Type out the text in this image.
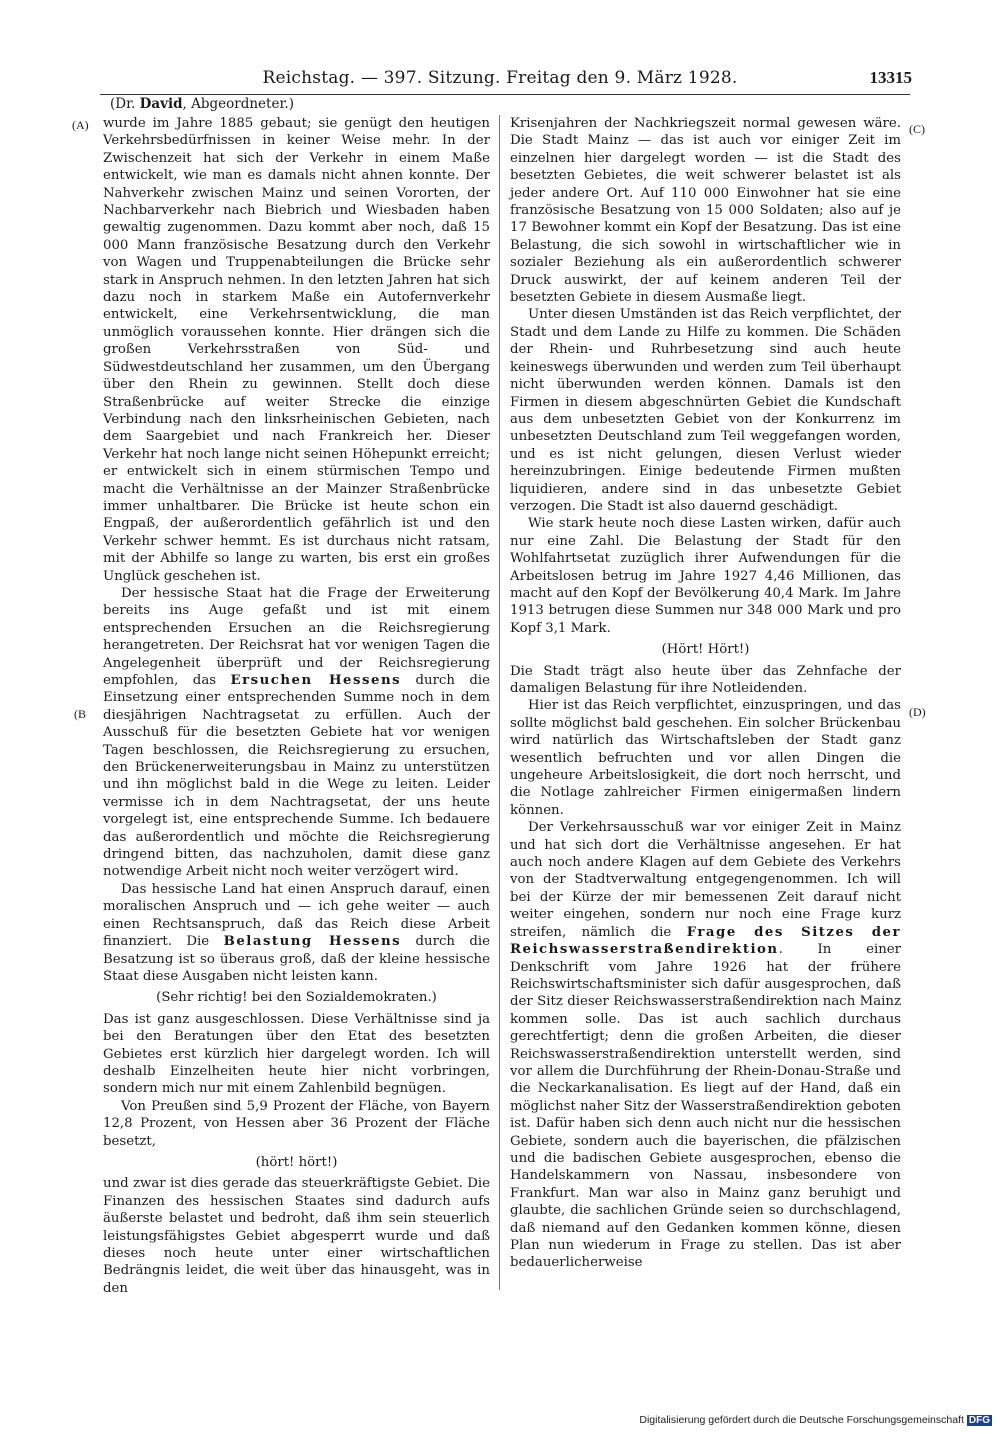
Reichstag. — 397. Sitzung. Freitag den 9. März 1928.	13315
(Dr. David, Abgeordneter.)
(A)
(B
(C)
(D)

wurde im Jahre 1885 gebaut; sie genügt den heutigen Verkehrsbedürfnissen in keiner Weise mehr. In der Zwischenzeit hat sich der Verkehr in einem Maße entwickelt, wie man es damals nicht ahnen konnte. Der Nahverkehr zwischen Mainz und seinen Vororten, der Nachbarverkehr nach Biebrich und Wiesbaden haben gewaltig zugenommen. Dazu kommt aber noch, daß 15 000 Mann französische Besatzung durch den Verkehr von Wagen und Truppenabteilungen die Brücke sehr stark in Anspruch nehmen. In den letzten Jahren hat sich dazu noch in starkem Maße ein Autofernverkehr entwickelt, eine Verkehrsentwicklung, die man unmöglich voraussehen konnte. Hier drängen sich die großen Verkehrsstraßen von Süd- und Südwestdeutschland her zusammen, um den Übergang über den Rhein zu gewinnen. Stellt doch diese Straßenbrücke auf weiter Strecke die einzige Verbindung nach den linksrheinischen Gebieten, nach dem Saargebiet und nach Frankreich her. Dieser Verkehr hat noch lange nicht seinen Höhepunkt erreicht; er entwickelt sich in einem stürmischen Tempo und macht die Verhältnisse an der Mainzer Straßenbrücke immer unhaltbarer. Die Brücke ist heute schon ein Engpaß, der außerordentlich gefährlich ist und den Verkehr schwer hemmt. Es ist durchaus nicht ratsam, mit der Abhilfe so lange zu warten, bis erst ein großes Unglück geschehen ist.

Der hessische Staat hat die Frage der Erweiterung bereits ins Auge gefaßt und ist mit einem entsprechenden Ersuchen an die Reichsregierung herangetreten. Der Reichsrat hat vor wenigen Tagen die Angelegenheit überprüft und der Reichsregierung empfohlen, das Ersuchen Hessens durch die Einsetzung einer entsprechenden Summe noch in dem diesjährigen Nachtragsetat zu erfüllen. Auch der Ausschuß für die besetzten Gebiete hat vor wenigen Tagen beschlossen, die Reichsregierung zu ersuchen, den Brückenerweiterungsbau in Mainz zu unterstützen und ihn möglichst bald in die Wege zu leiten. Leider vermisse ich in dem Nachtragsetat, der uns heute vorgelegt ist, eine entsprechende Summe. Ich bedauere das außerordentlich und möchte die Reichsregierung dringend bitten, das nachzuholen, damit diese ganz notwendige Arbeit nicht noch weiter verzögert wird.

Das hessische Land hat einen Anspruch darauf, einen moralischen Anspruch und — ich gehe weiter — auch einen Rechtsanspruch, daß das Reich diese Arbeit finanziert. Die Belastung Hessens durch die Besatzung ist so überaus groß, daß der kleine hessische Staat diese Ausgaben nicht leisten kann.

(Sehr richtig! bei den Sozialdemokraten.)

Das ist ganz ausgeschlossen. Diese Verhältnisse sind ja bei den Beratungen über den Etat des besetzten Gebietes erst kürzlich hier dargelegt worden. Ich will deshalb Einzelheiten heute hier nicht vorbringen, sondern mich nur mit einem Zahlenbild begnügen.

Von Preußen sind 5,9 Prozent der Fläche, von Bayern 12,8 Prozent, von Hessen aber 36 Prozent der Fläche besetzt,

(hört! hört!)

und zwar ist dies gerade das steuerkräftigste Gebiet. Die Finanzen des hessischen Staates sind dadurch aufs äußerste belastet und bedroht, daß ihm sein steuerlich leistungsfähigstes Gebiet abgesperrt wurde und daß dieses noch heute unter einer wirtschaftlichen Bedrängnis leidet, die weit über das hinausgeht, was in den

Krisenjahren der Nachkriegszeit normal gewesen wäre. Die Stadt Mainz — das ist auch vor einiger Zeit im einzelnen hier dargelegt worden — ist die Stadt des besetzten Gebietes, die weit schwerer belastet ist als jeder andere Ort. Auf 110 000 Einwohner hat sie eine französische Besatzung von 15 000 Soldaten; also auf je 17 Bewohner kommt ein Kopf der Besatzung. Das ist eine Belastung, die sich sowohl in wirtschaftlicher wie in sozialer Beziehung als ein außerordentlich schwerer Druck auswirkt, der auf keinem anderen Teil der besetzten Gebiete in diesem Ausmaße liegt.

Unter diesen Umständen ist das Reich verpflichtet, der Stadt und dem Lande zu Hilfe zu kommen. Die Schäden der Rhein- und Ruhrbesetzung sind auch heute keineswegs überwunden und werden zum Teil überhaupt nicht überwunden werden können. Damals ist den Firmen in diesem abgeschnürten Gebiet die Kundschaft aus dem unbesetzten Gebiet von der Konkurrenz im unbesetzten Deutschland zum Teil weggefangen worden, und es ist nicht gelungen, diesen Verlust wieder hereinzubringen. Einige bedeutende Firmen mußten liquidieren, andere sind in das unbesetzte Gebiet verzogen. Die Stadt ist also dauernd geschädigt.

Wie stark heute noch diese Lasten wirken, dafür auch nur eine Zahl. Die Belastung der Stadt für den Wohlfahrtsetat zuzüglich ihrer Aufwendungen für die Arbeitslosen betrug im Jahre 1927 4,46 Millionen, das macht auf den Kopf der Bevölkerung 40,4 Mark. Im Jahre 1913 betrugen diese Summen nur 348 000 Mark und pro Kopf 3,1 Mark.

(Hört! Hört!)

Die Stadt trägt also heute über das Zehnfache der damaligen Belastung für ihre Notleidenden.

Hier ist das Reich verpflichtet, einzuspringen, und das sollte möglichst bald geschehen. Ein solcher Brückenbau wird natürlich das Wirtschaftsleben der Stadt ganz wesentlich befruchten und vor allen Dingen die ungeheure Arbeitslosigkeit, die dort noch herrscht, und die Notlage zahlreicher Firmen einigermaßen lindern können.

Der Verkehrsausschuß war vor einiger Zeit in Mainz und hat sich dort die Verhältnisse angesehen. Er hat auch noch andere Klagen auf dem Gebiete des Verkehrs von der Stadtverwaltung entgegengenommen. Ich will bei der Kürze der mir bemessenen Zeit darauf nicht weiter eingehen, sondern nur noch eine Frage kurz streifen, nämlich die Frage des Sitzes der Reichswasserstraßendirektion. In einer Denkschrift vom Jahre 1926 hat der frühere Reichswirtschaftsminister sich dafür ausgesprochen, daß der Sitz dieser Reichswasserstraßendirektion nach Mainz kommen solle. Das ist auch sachlich durchaus gerechtfertigt; denn die großen Arbeiten, die dieser Reichswasserstraßendirektion unterstellt werden, sind vor allem die Durchführung der Rhein-Donau-Straße und die Neckarkanalisation. Es liegt auf der Hand, daß ein möglichst naher Sitz der Wasserstraßendirektion geboten ist. Dafür haben sich denn auch nicht nur die hessischen Gebiete, sondern auch die bayerischen, die pfälzischen und die badischen Gebiete ausgesprochen, ebenso die Handelskammern von Nassau, insbesondere von Frankfurt. Man war also in Mainz ganz beruhigt und glaubte, die sachlichen Gründe seien so durchschlagend, daß niemand auf den Gedanken kommen könne, diesen Plan nun wiederum in Frage zu stellen. Das ist aber bedauerlicherweise

Digitalisierung gefördert durch die Deutsche Forschungsgemeinschaft DFG
